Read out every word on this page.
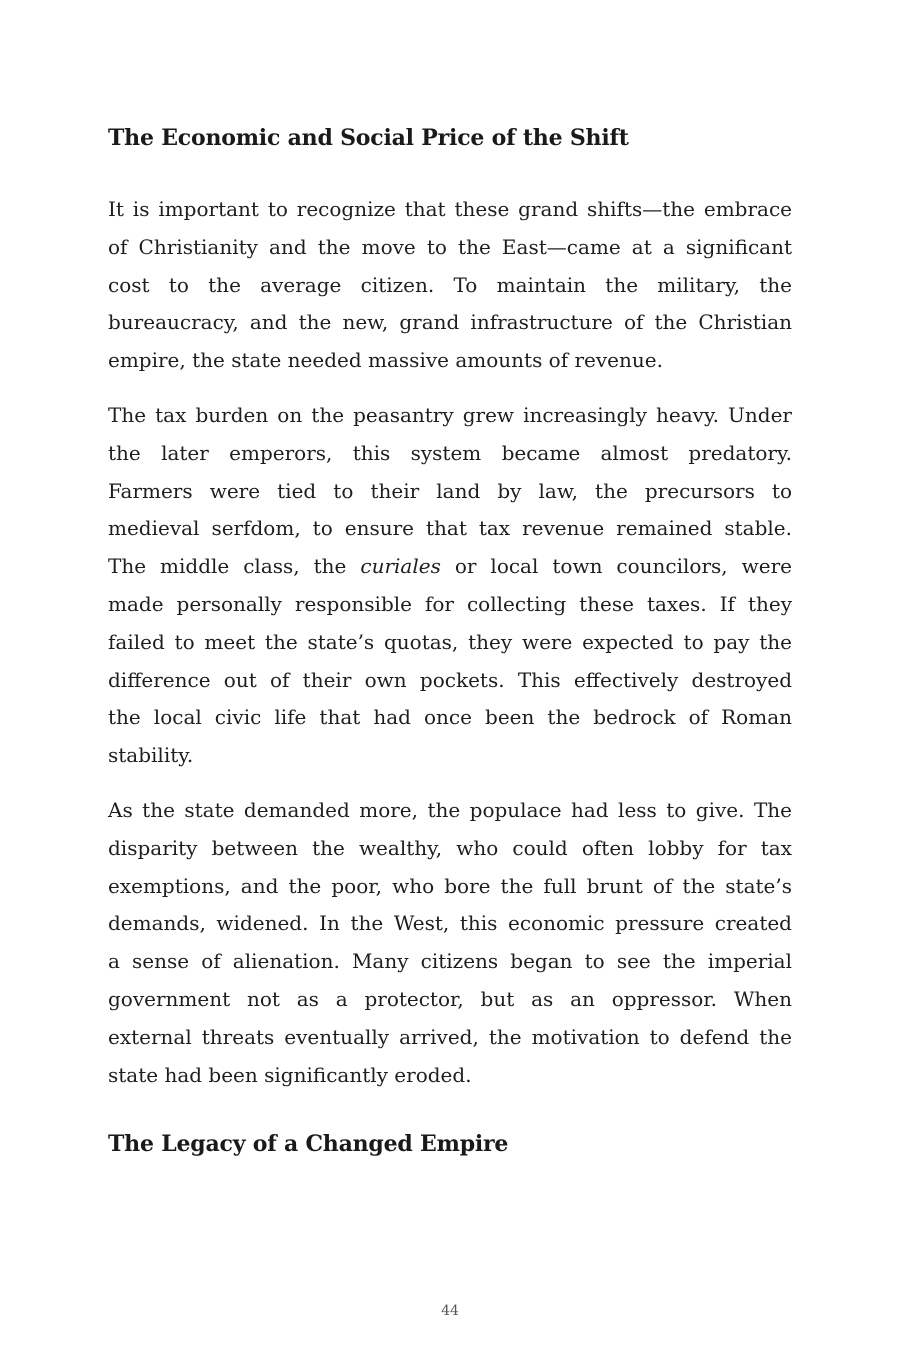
The Economic and Social Price of the Shift

It is important to recognize that these grand shifts—the embrace
of Christianity and the move to the East—came at a significant
cost to the average citizen. To maintain the military, the
bureaucracy, and the new, grand infrastructure of the Christian
empire, the state needed massive amounts of revenue.

The tax burden on the peasantry grew increasingly heavy. Under
the later emperors, this system became almost predatory.
Farmers were tied to their land by law, the precursors to
medieval serfdom, to ensure that tax revenue remained stable.
The middle class, the curiales or local town councilors, were
made personally responsible for collecting these taxes. If they
failed to meet the state’s quotas, they were expected to pay the
difference out of their own pockets. This effectively destroyed
the local civic life that had once been the bedrock of Roman
stability.

As the state demanded more, the populace had less to give. The
disparity between the wealthy, who could often lobby for tax
exemptions, and the poor, who bore the full brunt of the state’s
demands, widened. In the West, this economic pressure created
a sense of alienation. Many citizens began to see the imperial
government not as a protector, but as an oppressor. When
external threats eventually arrived, the motivation to defend the
state had been significantly eroded.

The Legacy of a Changed Empire
44
